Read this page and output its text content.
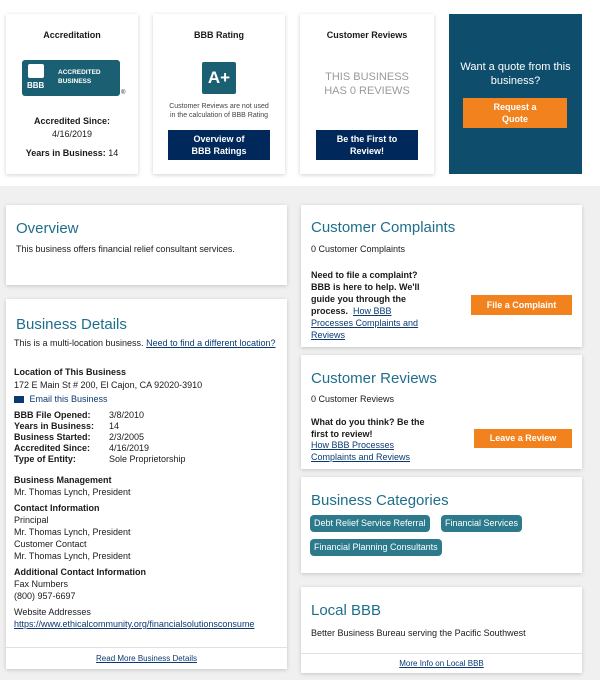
Accreditation
BBB
ACCREDITED
BUSINESS
®
Accredited Since:
4/16/2019
Years in Business: 14
BBB Rating
A+
Customer Reviews are not used in the calculation of BBB Rating
Overview of BBB Ratings
Customer Reviews
THIS BUSINESS HAS 0 REVIEWS
Be the First to Review!
Want a quote from this business?
Request a Quote
Overview
This business offers financial relief consultant services.
Business Details
This is a multi-location business. Need to find a different location?
Location of This Business
172 E Main St # 200, El Cajon, CA 92020-3910
Email this Business
BBB File Opened: 3/8/2010
Years in Business: 14
Business Started: 2/3/2005
Accredited Since: 4/16/2019
Type of Entity:	Sole Proprietorship
Business Management
Mr. Thomas Lynch, President
Contact Information
Principal
Mr. Thomas Lynch, President
Customer Contact
Mr. Thomas Lynch, President
Additional Contact Information
Fax Numbers
(800) 957-6697
Website Addresses
https://www.ethicalcommunity.org/financialsolutionsconsume
Read More Business Details
Customer Complaints
0 Customer Complaints
Need to file a complaint? BBB is here to help. We'll guide you through the process. How BBB Processes Complaints and Reviews
File a Complaint
Customer Reviews
0 Customer Reviews
What do you think? Be the first to review!
How BBB Processes Complaints and Reviews
Leave a Review
Business Categories
Debt Relief Service Referral	Financial Services
Financial Planning Consultants
Local BBB
Better Business Bureau serving the Pacific Southwest
More Info on Local BBB
